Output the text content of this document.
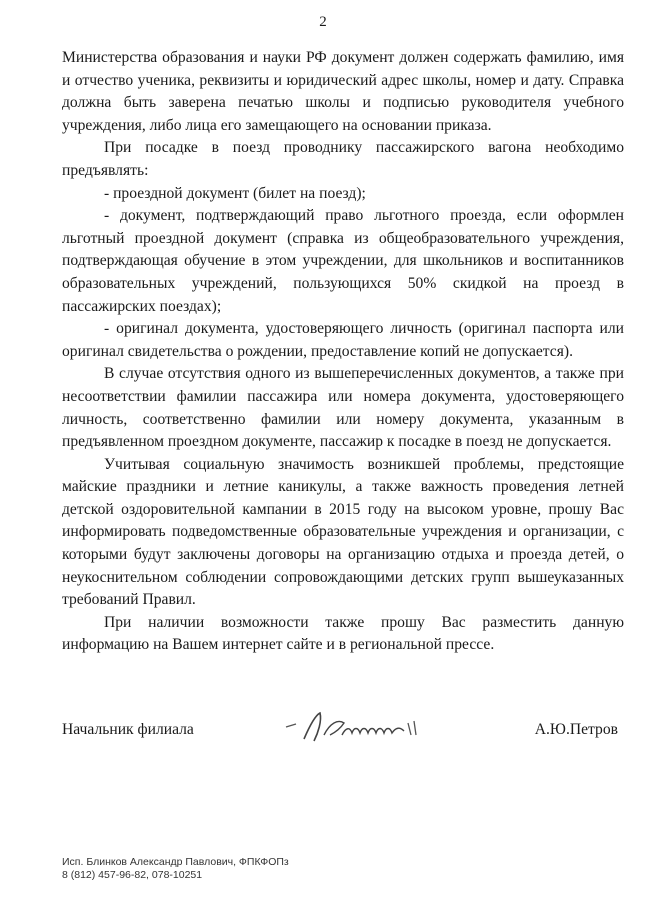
2

Министерства образования и науки РФ документ должен содержать фамилию, имя и отчество ученика, реквизиты и юридический адрес школы, номер и дату. Справка должна быть заверена печатью школы и подписью руководителя учебного учреждения, либо лица его замещающего на основании приказа.

При посадке в поезд проводнику пассажирского вагона необходимо предъявлять:

- проездной документ (билет на поезд);

- документ, подтверждающий право льготного проезда, если оформлен льготный проездной документ (справка из общеобразовательного учреждения, подтверждающая обучение в этом учреждении, для школьников и воспитанников образовательных учреждений, пользующихся 50% скидкой на проезд в пассажирских поездах);

- оригинал документа, удостоверяющего личность (оригинал паспорта или оригинал свидетельства о рождении, предоставление копий не допускается).

В случае отсутствия одного из вышеперечисленных документов, а также при несоответствии фамилии пассажира или номера документа, удостоверяющего личность, соответственно фамилии или номеру документа, указанным в предъявленном проездном документе, пассажир к посадке в поезд не допускается.

Учитывая социальную значимость возникшей проблемы, предстоящие майские праздники и летние каникулы, а также важность проведения летней детской оздоровительной кампании в 2015 году на высоком уровне, прошу Вас информировать подведомственные образовательные учреждения и организации, с которыми будут заключены договоры на организацию отдыха и проезда детей, о неукоснительном соблюдении сопровождающими детских групп вышеуказанных требований Правил.

При наличии возможности также прошу Вас разместить данную информацию на Вашем интернет сайте и в региональной прессе.

Начальник филиала	А.Ю.Петров
Исп. Блинков Александр Павлович, ФПКФОПз
8 (812) 457-96-82, 078-10251
